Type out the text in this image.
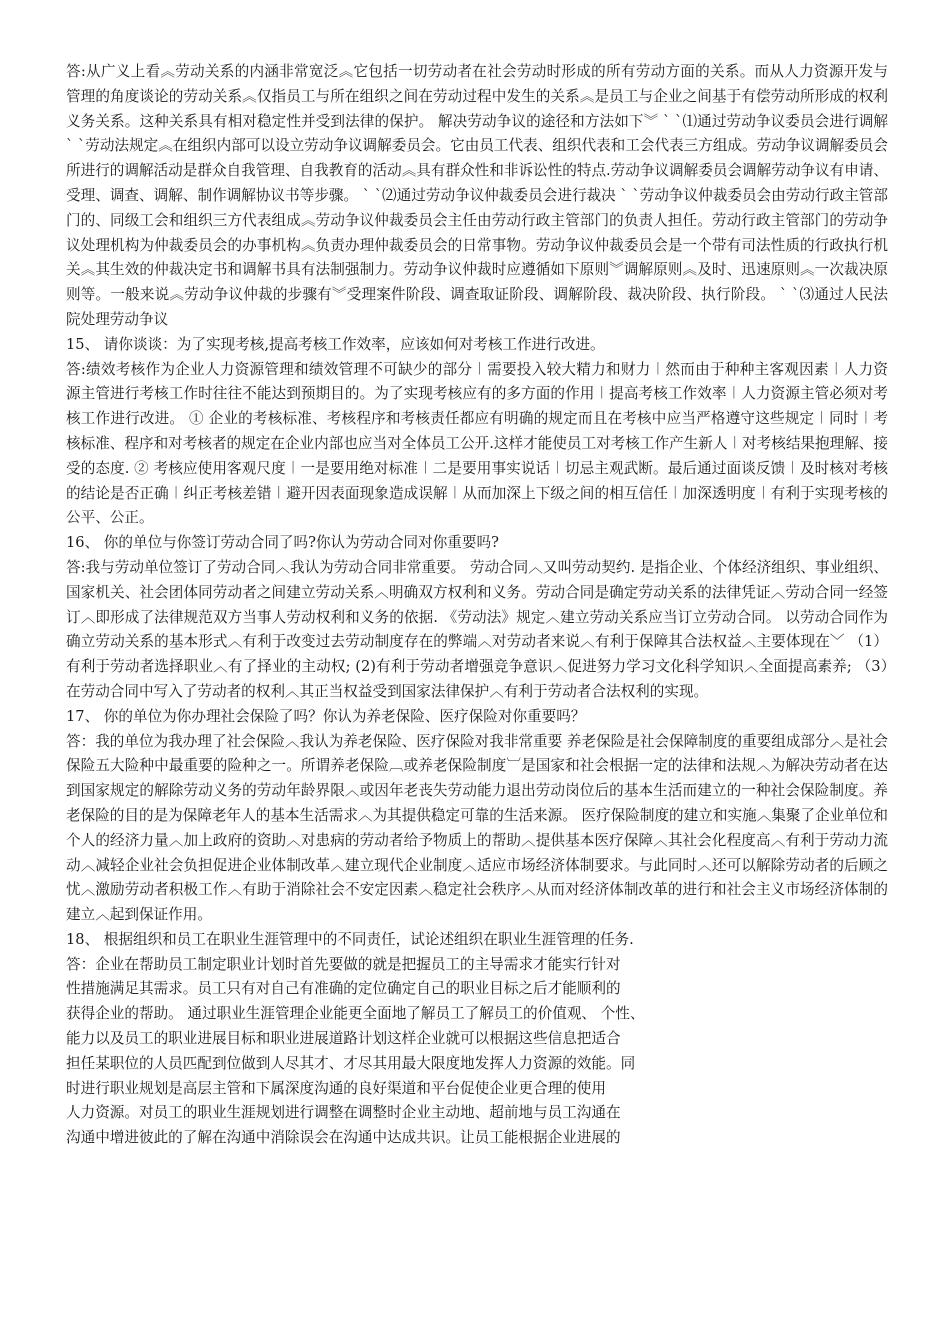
答:从广义上看︽劳动关系的内涵非常宽泛︽它包括一切劳动者在社会劳动时形成的所有劳动方面的关系。而从人力资源开发与管理的角度谈论的劳动关系︽仅指员工与所在组织之间在劳动过程中发生的关系︽是员工与企业之间基于有偿劳动所形成的权利义务关系。这种关系具有相对稳定性并受到法律的保护。 解决劳动争议的途径和方法如下︾ ` `⑴通过劳动争议委员会进行调解 ` `劳动法规定︽在组织内部可以设立劳动争议调解委员会。它由员工代表、组织代表和工会代表三方组成。劳动争议调解委员会所进行的调解活动是群众自我管理、自我教育的活动︽具有群众性和非诉讼性的特点.劳动争议调解委员会调解劳动争议有申请、受理、调查、调解、制作调解协议书等步骤。 ` `⑵通过劳动争议仲裁委员会进行裁决 ` `劳动争议仲裁委员会由劳动行政主管部门的、同级工会和组织三方代表组成︽劳动争议仲裁委员会主任由劳动行政主管部门的负责人担任。劳动行政主管部门的劳动争议处理机构为仲裁委员会的办事机构︽负责办理仲裁委员会的日常事物。劳动争议仲裁委员会是一个带有司法性质的行政执行机关︽其生效的仲裁决定书和调解书具有法制强制力。劳动争议仲裁时应遵循如下原则︾调解原则︽及时、迅速原则︽一次裁决原则等。一般来说︽劳动争议仲裁的步骤有︾受理案件阶段、调查取证阶段、调解阶段、裁决阶段、执行阶段。 ` `⑶通过人民法院处理劳动争议

15、 请你谈谈：为了实现考核,提高考核工作效率，应该如何对考核工作进行改进。

答:绩效考核作为企业人力资源管理和绩效管理不可缺少的部分︱需要投入较大精力和财力︱然而由于种种主客观因素︱人力资源主管进行考核工作时往往不能达到预期目的。为了实现考核应有的多方面的作用︱提高考核工作效率︱人力资源主管必须对考核工作进行改进。 ① 企业的考核标准、考核程序和考核责任都应有明确的规定而且在考核中应当严格遵守这些规定︱同时︱考核标准、程序和对考核者的规定在企业内部也应当对全体员工公开.这样才能使员工对考核工作产生新人︱对考核结果抱理解、接受的态度. ② 考核应使用客观尺度︱一是要用绝对标准︱二是要用事实说话︱切忌主观武断。最后通过面谈反馈︱及时核对考核的结论是否正确︱纠正考核差错︱避开因表面现象造成误解︱从而加深上下级之间的相互信任︱加深透明度︱有利于实现考核的公平、公正。

16、 你的单位与你签订劳动合同了吗?你认为劳动合同对你重要吗?

答:我与劳动单位签订了劳动合同︿我认为劳动合同非常重要。 劳动合同︿又叫劳动契约. 是指企业、个体经济组织、事业组织、国家机关、社会团体同劳动者之间建立劳动关系︿明确双方权利和义务。劳动合同是确定劳动关系的法律凭证︿劳动合同一经签订︿即形成了法律规范双方当事人劳动权利和义务的依据. 《劳动法》规定︿建立劳动关系应当订立劳动合同。 以劳动合同作为确立劳动关系的基本形式︿有利于改变过去劳动制度存在的弊端︿对劳动者来说︿有利于保障其合法权益︿主要体现在﹀ （1）有利于劳动者选择职业︿有了择业的主动权; (2)有利于劳动者增强竞争意识︿促进努力学习文化科学知识︿全面提高素养; （3）在劳动合同中写入了劳动者的权利︿其正当权益受到国家法律保护︿有利于劳动者合法权利的实现。

17、 你的单位为你办理社会保险了吗？你认为养老保险、医疗保险对你重要吗？

答：我的单位为我办理了社会保险︿我认为养老保险、医疗保险对我非常重要 养老保险是社会保障制度的重要组成部分︿是社会保险五大险种中最重要的险种之一。所谓养老保险︹或养老保险制度︺是国家和社会根据一定的法律和法规︿为解决劳动者在达到国家规定的解除劳动义务的劳动年龄界限︿或因年老丧失劳动能力退出劳动岗位后的基本生活而建立的一种社会保险制度。养老保险的目的是为保障老年人的基本生活需求︿为其提供稳定可靠的生活来源。 医疗保险制度的建立和实施︿集聚了企业单位和个人的经济力量︿加上政府的资助︿对患病的劳动者给予物质上的帮助︿提供基本医疗保障︿其社会化程度高︿有利于劳动力流动︿减轻企业社会负担促进企业体制改革︿建立现代企业制度︿适应市场经济体制要求。与此同时︿还可以解除劳动者的后顾之忧︿激励劳动者积极工作︿有助于消除社会不安定因素︿稳定社会秩序︿从而对经济体制改革的进行和社会主义市场经济体制的建立︿起到保证作用。

18、 根据组织和员工在职业生涯管理中的不同责任，试论述组织在职业生涯管理的任务.

答：企业在帮助员工制定职业计划时首先要做的就是把握员工的主导需求才能实行针对
性措施满足其需求。员工只有对自己有准确的定位确定自己的职业目标之后才能顺利的
获得企业的帮助。 通过职业生涯管理企业能更全面地了解员工了解员工的价值观、 个性、
能力以及员工的职业进展目标和职业进展道路计划这样企业就可以根据这些信息把适合
担任某职位的人员匹配到位做到人尽其才、才尽其用最大限度地发挥人力资源的效能。同
时进行职业规划是高层主管和下属深度沟通的良好渠道和平台促使企业更合理的使用
人力资源。对员工的职业生涯规划进行调整在调整时企业主动地、超前地与员工沟通在
沟通中增进彼此的了解在沟通中消除误会在沟通中达成共识。让员工能根据企业进展的
